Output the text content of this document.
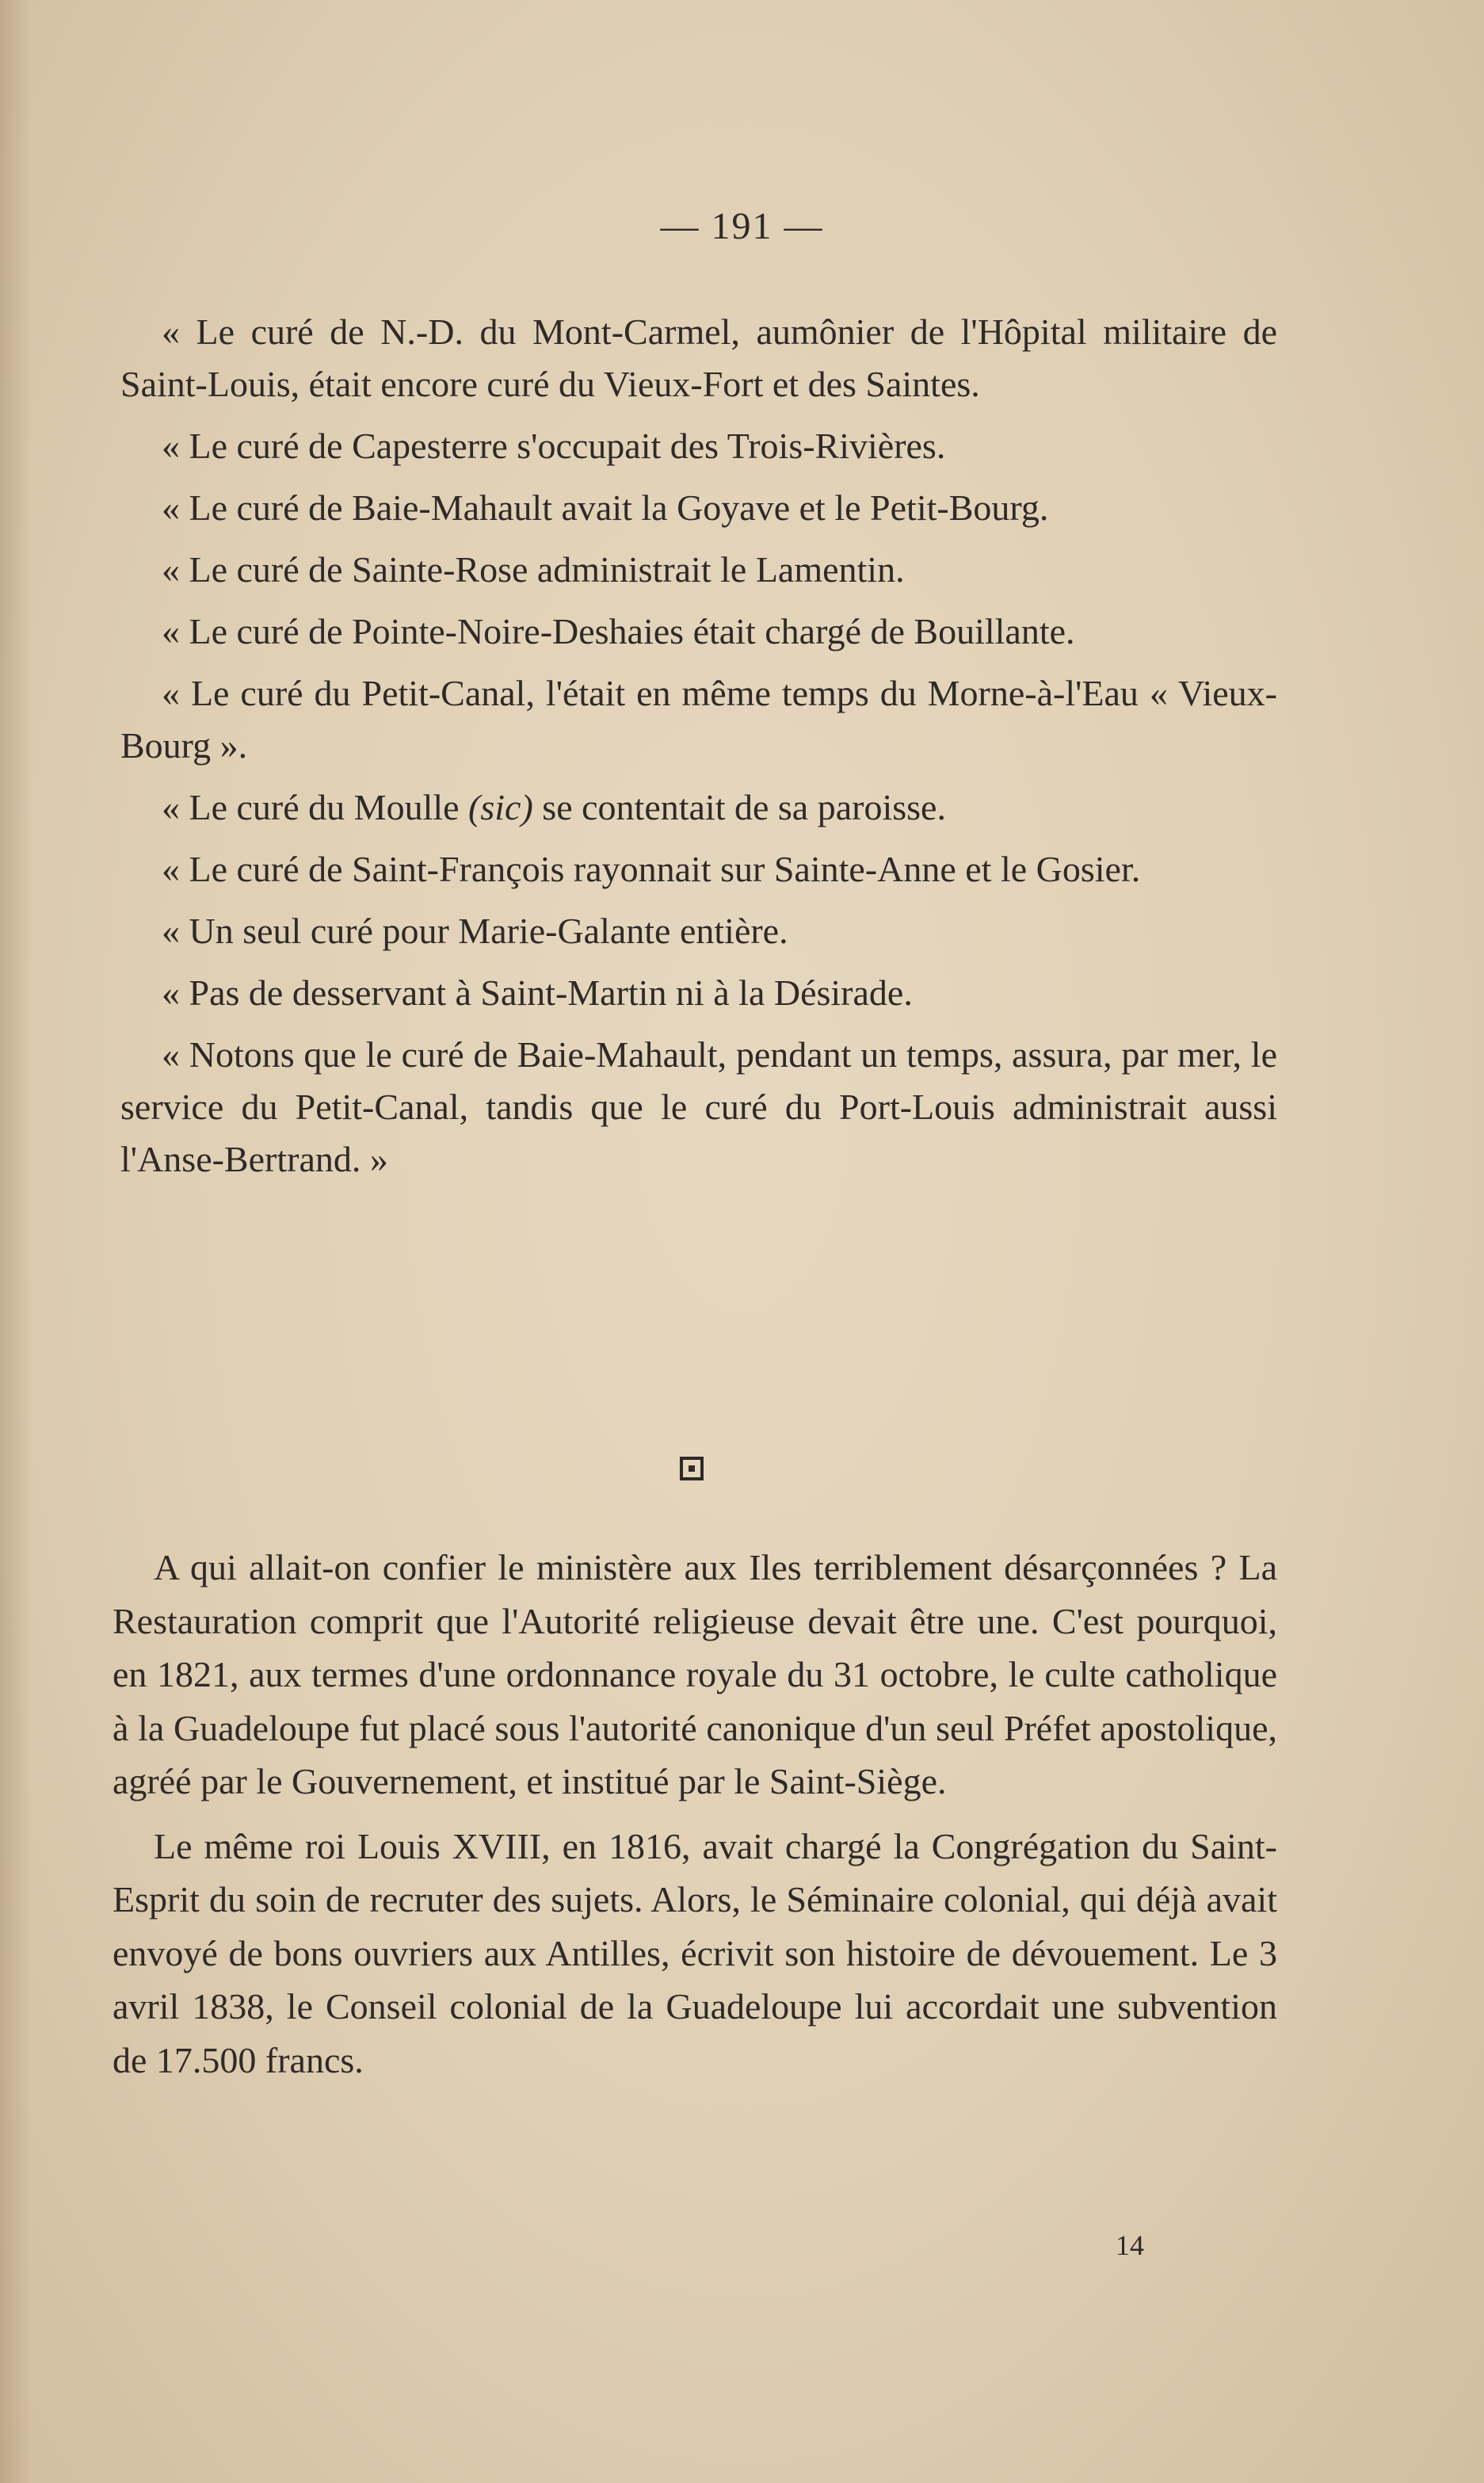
— 191 —

« Le curé de N.-D. du Mont-Carmel, aumônier de l'Hôpital militaire de Saint-Louis, était encore curé du Vieux-Fort et des Saintes.

« Le curé de Capesterre s'occupait des Trois-Rivières.

« Le curé de Baie-Mahault avait la Goyave et le Petit-Bourg.

« Le curé de Sainte-Rose administrait le Lamentin.

« Le curé de Pointe-Noire-Deshaies était chargé de Bouillante.

« Le curé du Petit-Canal, l'était en même temps du Morne-à-l'Eau « Vieux-Bourg ».

« Le curé du Moulle (sic) se contentait de sa paroisse.

« Le curé de Saint-François rayonnait sur Sainte-Anne et le Gosier.

« Un seul curé pour Marie-Galante entière.

« Pas de desservant à Saint-Martin ni à la Désirade.

« Notons que le curé de Baie-Mahault, pendant un temps, assura, par mer, le service du Petit-Canal, tandis que le curé du Port-Louis administrait aussi l'Anse-Bertrand. »

A qui allait-on confier le ministère aux Iles terriblement désarçonnées ? La Restauration comprit que l'Autorité religieuse devait être une. C'est pourquoi, en 1821, aux termes d'une ordonnance royale du 31 octobre, le culte catholique à la Guadeloupe fut placé sous l'autorité canonique d'un seul Préfet apostolique, agréé par le Gouvernement, et institué par le Saint-Siège.

Le même roi Louis XVIII, en 1816, avait chargé la Congrégation du Saint-Esprit du soin de recruter des sujets. Alors, le Séminaire colonial, qui déjà avait envoyé de bons ouvriers aux Antilles, écrivit son histoire de dévouement. Le 3 avril 1838, le Conseil colonial de la Guadeloupe lui accordait une subvention de 17.500 francs.

14
